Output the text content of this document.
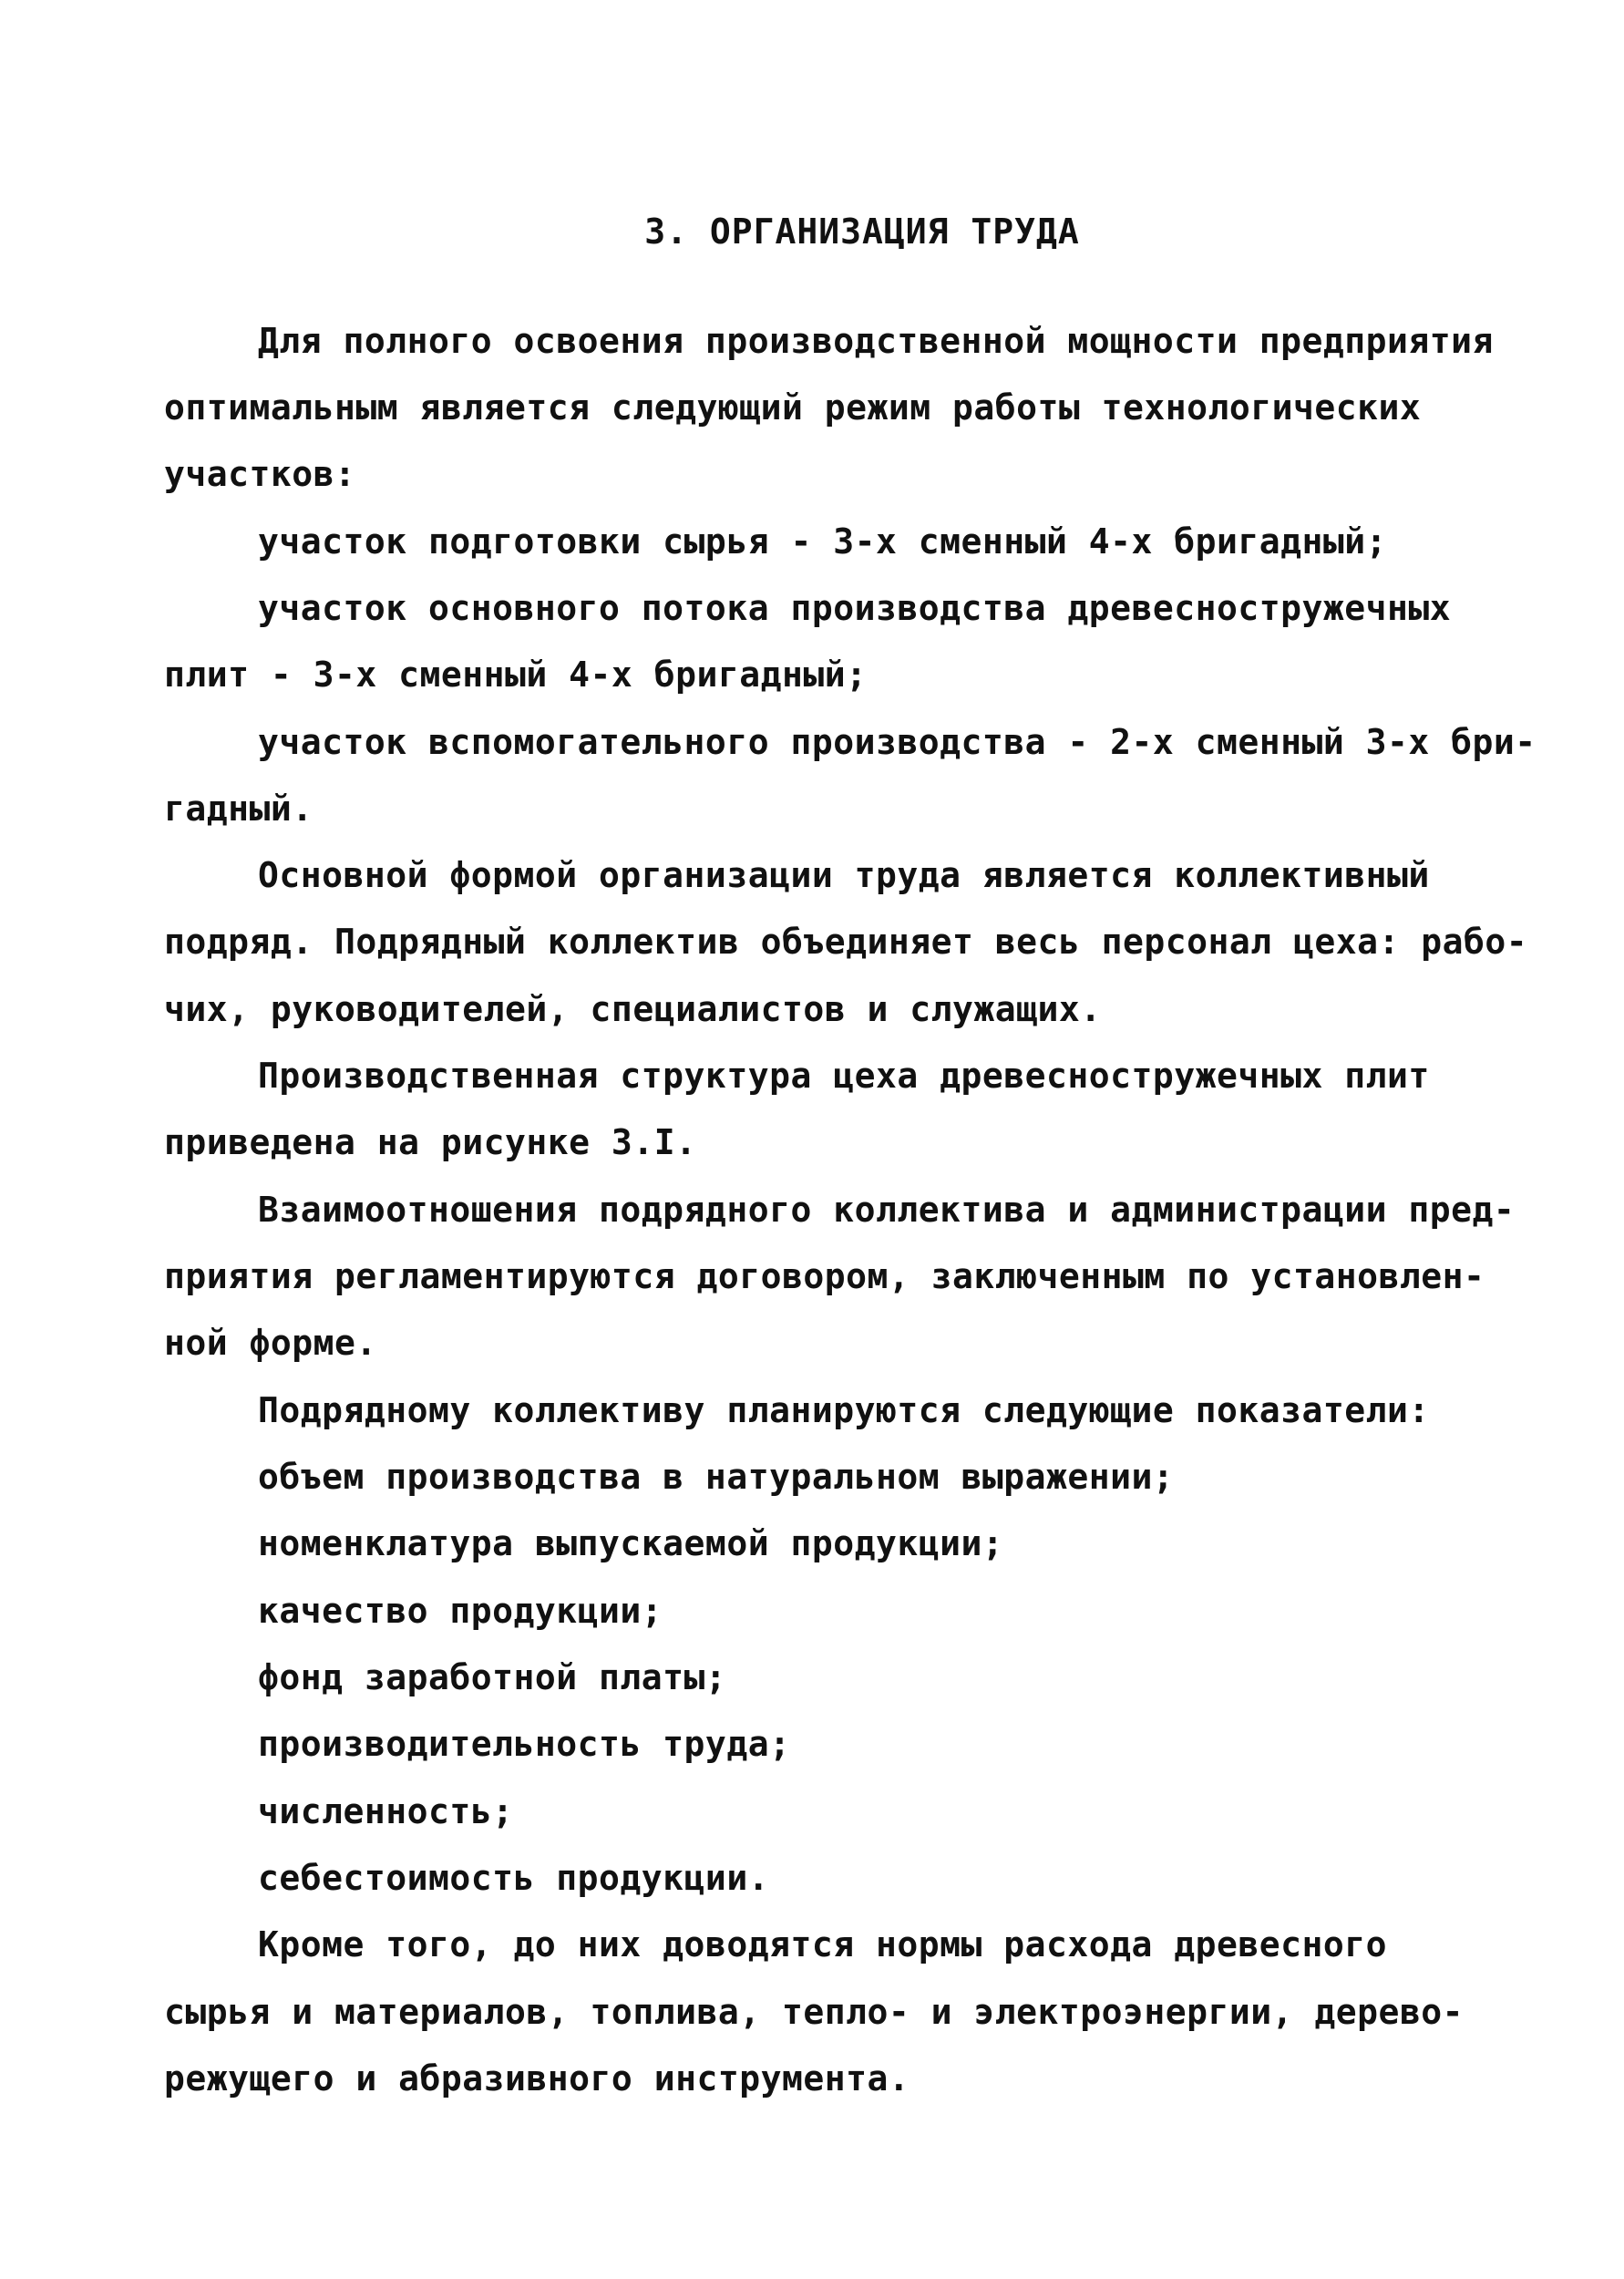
3. ОРГАНИЗАЦИЯ ТРУДА
Для полного освоения производственной мощности предприятия
оптимальным является следующий режим работы технологических
участков:
участок подготовки сырья - 3-х сменный 4-х бригадный;
участок основного потока производства древесностружечных
плит - 3-х сменный 4-х бригадный;
участок вспомогательного производства - 2-х сменный 3-х бри-
гадный.
Основной формой организации труда является коллективный
подряд. Подрядный коллектив объединяет весь персонал цеха: рабо-
чих, руководителей, специалистов и служащих.
Производственная структура цеха древесностружечных плит
приведена на рисунке 3.I.
Взаимоотношения подрядного коллектива и администрации пред-
приятия регламентируются договором, заключенным по установлен-
ной форме.
Подрядному коллективу планируются следующие показатели:
объем производства в натуральном выражении;
номенклатура выпускаемой продукции;
качество продукции;
фонд заработной платы;
производительность труда;
численность;
себестоимость продукции.
Кроме того, до них доводятся нормы расхода древесного
сырья и материалов, топлива, тепло- и электроэнергии, дерево-
режущего и абразивного инструмента.
